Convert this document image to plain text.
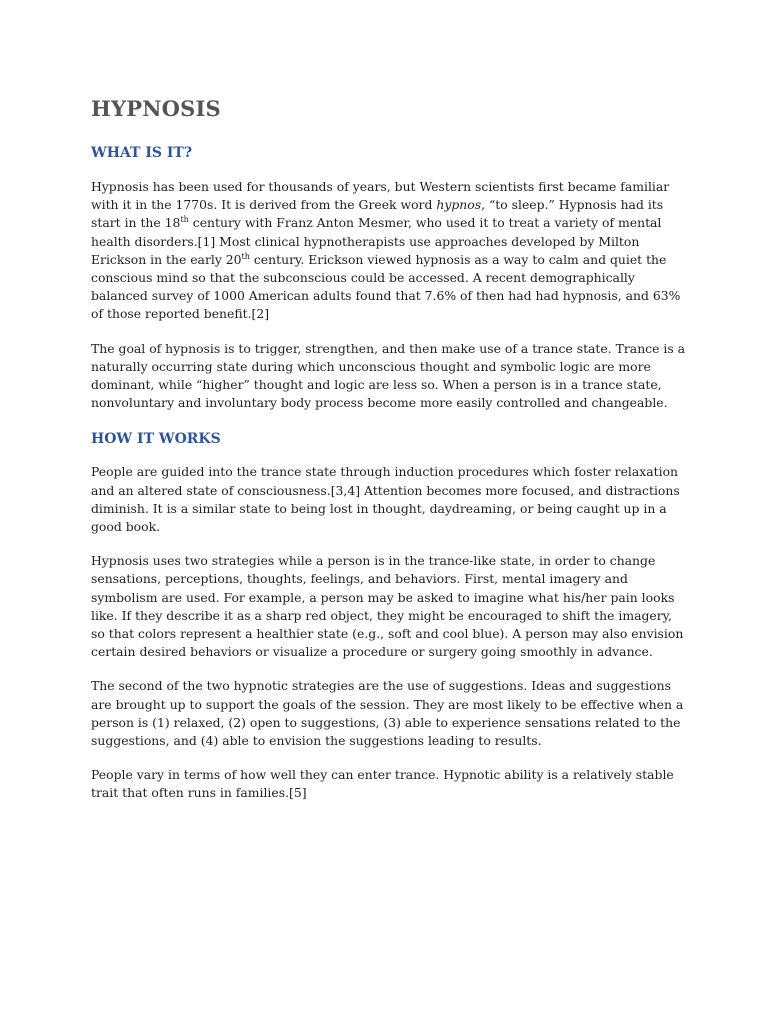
HYPNOSIS
WHAT IS IT?

Hypnosis has been used for thousands of years, but Western scientists first became familiar with it in the 1770s. It is derived from the Greek word hypnos, “to sleep.” Hypnosis had its start in the 18th century with Franz Anton Mesmer, who used it to treat a variety of mental health disorders.[1] Most clinical hypnotherapists use approaches developed by Milton Erickson in the early 20th century. Erickson viewed hypnosis as a way to calm and quiet the conscious mind so that the subconscious could be accessed. A recent demographically balanced survey of 1000 American adults found that 7.6% of then had had hypnosis, and 63% of those reported benefit.[2]

The goal of hypnosis is to trigger, strengthen, and then make use of a trance state. Trance is a naturally occurring state during which unconscious thought and symbolic logic are more dominant, while “higher” thought and logic are less so. When a person is in a trance state, nonvoluntary and involuntary body process become more easily controlled and changeable.

HOW IT WORKS

People are guided into the trance state through induction procedures which foster relaxation and an altered state of consciousness.[3,4] Attention becomes more focused, and distractions diminish. It is a similar state to being lost in thought, daydreaming, or being caught up in a good book.

Hypnosis uses two strategies while a person is in the trance-like state, in order to change sensations, perceptions, thoughts, feelings, and behaviors. First, mental imagery and symbolism are used. For example, a person may be asked to imagine what his/her pain looks like. If they describe it as a sharp red object, they might be encouraged to shift the imagery, so that colors represent a healthier state (e.g., soft and cool blue). A person may also envision certain desired behaviors or visualize a procedure or surgery going smoothly in advance.

The second of the two hypnotic strategies are the use of suggestions. Ideas and suggestions are brought up to support the goals of the session. They are most likely to be effective when a person is (1) relaxed, (2) open to suggestions, (3) able to experience sensations related to the suggestions, and (4) able to envision the suggestions leading to results.

People vary in terms of how well they can enter trance. Hypnotic ability is a relatively stable trait that often runs in families.[5]
